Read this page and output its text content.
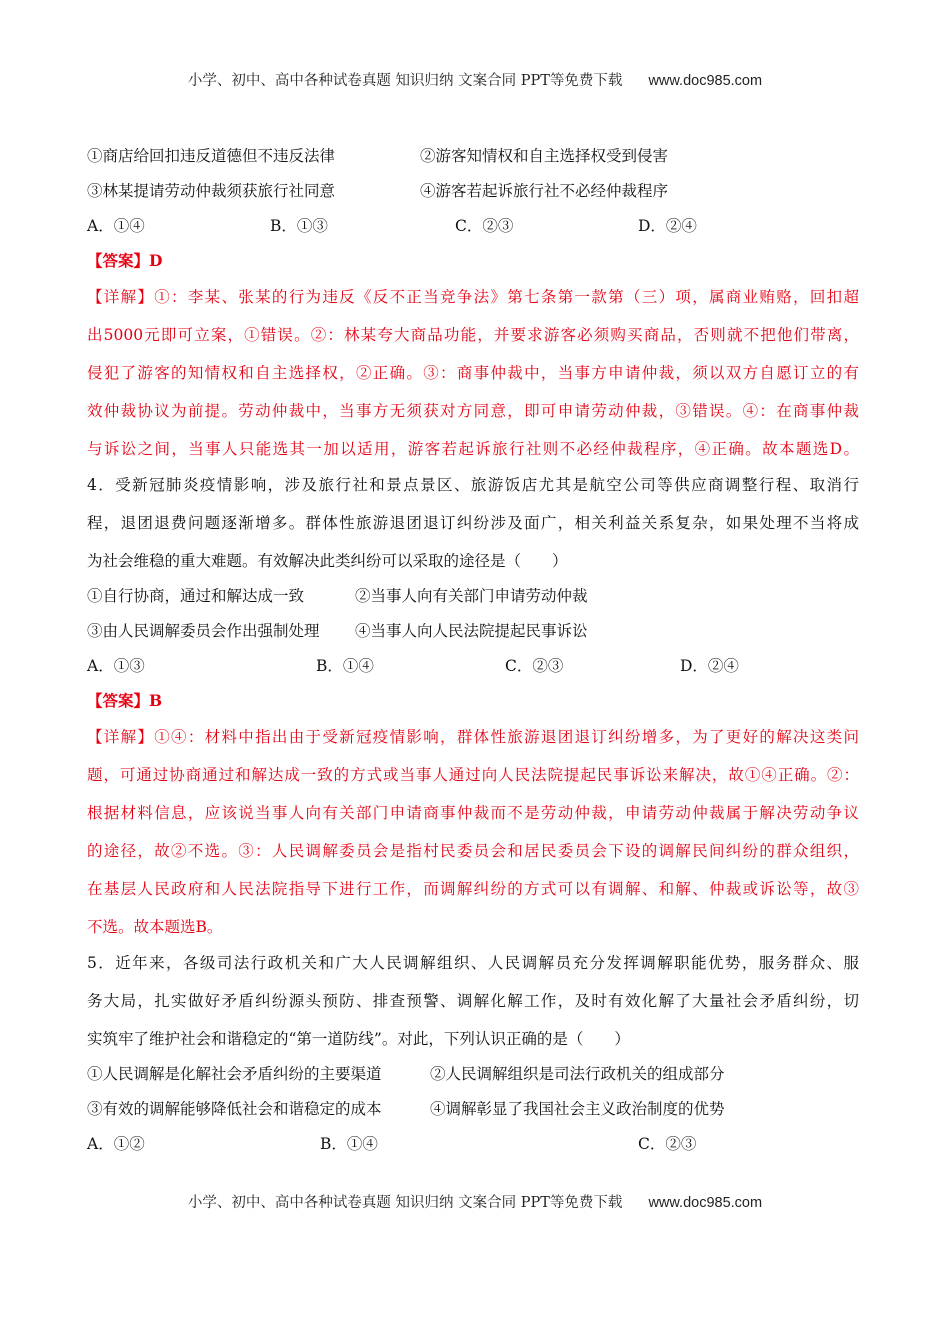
小学、初中、高中各种试卷真题 知识归纳 文案合同 PPT等免费下载 www.doc985.com
①商店给回扣违反道德但不违反法律	②游客知情权和自主选择权受到侵害
③林某提请劳动仲裁须获旅行社同意	④游客若起诉旅行社不必经仲裁程序
A．①④	B．①③	C．②③	D．②④
【答案】D
【详解】①：李某、张某的行为违反《反不正当竞争法》第七条第一款第（三）项，属商业贿赂，回扣超
出5000元即可立案，①错误。②：林某夸大商品功能，并要求游客必须购买商品，否则就不把他们带离，
侵犯了游客的知情权和自主选择权，②正确。③：商事仲裁中，当事方申请仲裁，须以双方自愿订立的有
效仲裁协议为前提。劳动仲裁中，当事方无须获对方同意，即可申请劳动仲裁，③错误。④：在商事仲裁
与诉讼之间，当事人只能选其一加以适用，游客若起诉旅行社则不必经仲裁程序，④正确。故本题选D。
4．受新冠肺炎疫情影响，涉及旅行社和景点景区、旅游饭店尤其是航空公司等供应商调整行程、取消行
程，退团退费问题逐渐增多。群体性旅游退团退订纠纷涉及面广，相关利益关系复杂，如果处理不当将成
为社会维稳的重大难题。有效解决此类纠纷可以采取的途径是（　　）
①自行协商，通过和解达成一致	②当事人向有关部门申请劳动仲裁
③由人民调解委员会作出强制处理 ④当事人向人民法院提起民事诉讼
A．①③	B．①④	C．②③	D．②④
【答案】B
【详解】①④：材料中指出由于受新冠疫情影响，群体性旅游退团退订纠纷增多，为了更好的解决这类问
题，可通过协商通过和解达成一致的方式或当事人通过向人民法院提起民事诉讼来解决，故①④正确。②：
根据材料信息，应该说当事人向有关部门申请商事仲裁而不是劳动仲裁，申请劳动仲裁属于解决劳动争议
的途径，故②不选。③：人民调解委员会是指村民委员会和居民委员会下设的调解民间纠纷的群众组织，
在基层人民政府和人民法院指导下进行工作，而调解纠纷的方式可以有调解、和解、仲裁或诉讼等，故③
不选。故本题选B。
5．近年来，各级司法行政机关和广大人民调解组织、人民调解员充分发挥调解职能优势，服务群众、服
务大局，扎实做好矛盾纠纷源头预防、排查预警、调解化解工作，及时有效化解了大量社会矛盾纠纷，切
实筑牢了维护社会和谐稳定的“第一道防线”。对此，下列认识正确的是（　　）
①人民调解是化解社会矛盾纠纷的主要渠道	②人民调解组织是司法行政机关的组成部分
③有效的调解能够降低社会和谐稳定的成本	④调解彰显了我国社会主义政治制度的优势
A．①②	B．①④	C．②③
小学、初中、高中各种试卷真题 知识归纳 文案合同 PPT等免费下载 www.doc985.com
